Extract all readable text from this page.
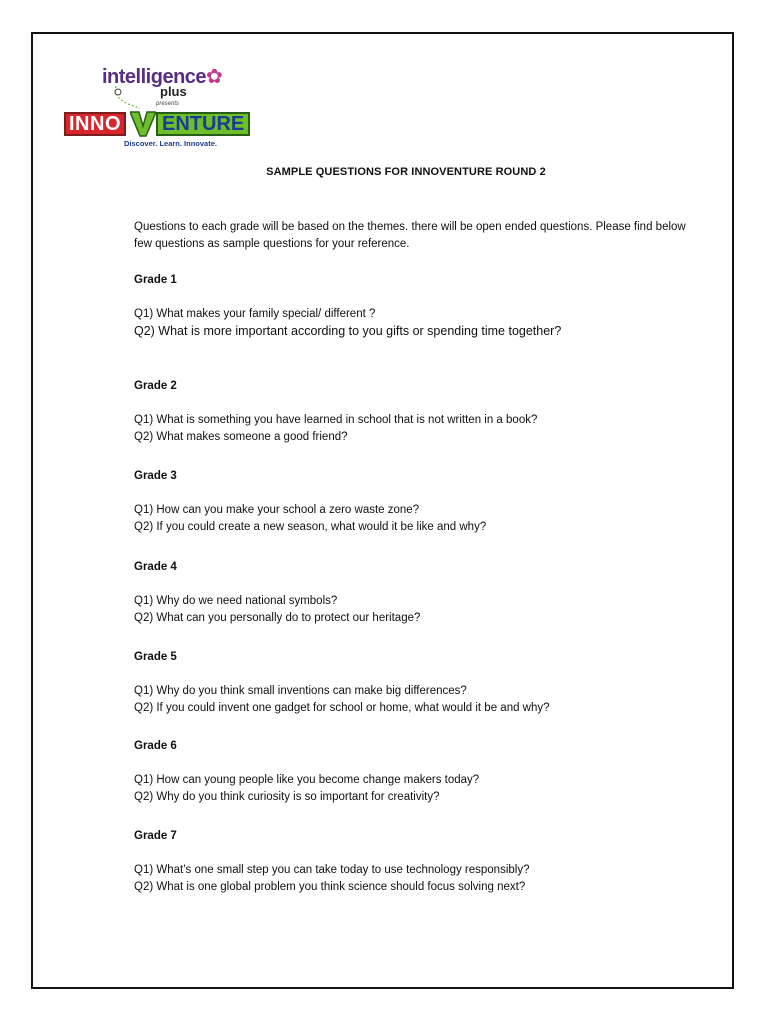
intelligence✿
plus
presents
INNO	ENTURE
Discover. Learn. Innovate.
SAMPLE QUESTIONS FOR INNOVENTURE ROUND 2
Questions to each grade will be based on the themes. there will be open ended questions. Please find below
few questions as sample questions for your reference.
Grade 1
Q1) What makes your family special/ different ?
Q2) What is more important according to you gifts or spending time together?
Grade 2
Q1) What is something you have learned in school that is not written in a book?
Q2) What makes someone a good friend?
Grade 3
Q1) How can you make your school a zero waste zone?
Q2) If you could create a new season, what would it be like and why?
Grade 4
Q1) Why do we need national symbols?
Q2) What can you personally do to protect our heritage?
Grade 5
Q1) Why do you think small inventions can make big differences?
Q2) If you could invent one gadget for school or home, what would it be and why?
Grade 6
Q1) How can young people like you become change makers today?
Q2) Why do you think curiosity is so important for creativity?
Grade 7
Q1) What’s one small step you can take today to use technology responsibly?
Q2) What is one global problem you think science should focus solving next?
